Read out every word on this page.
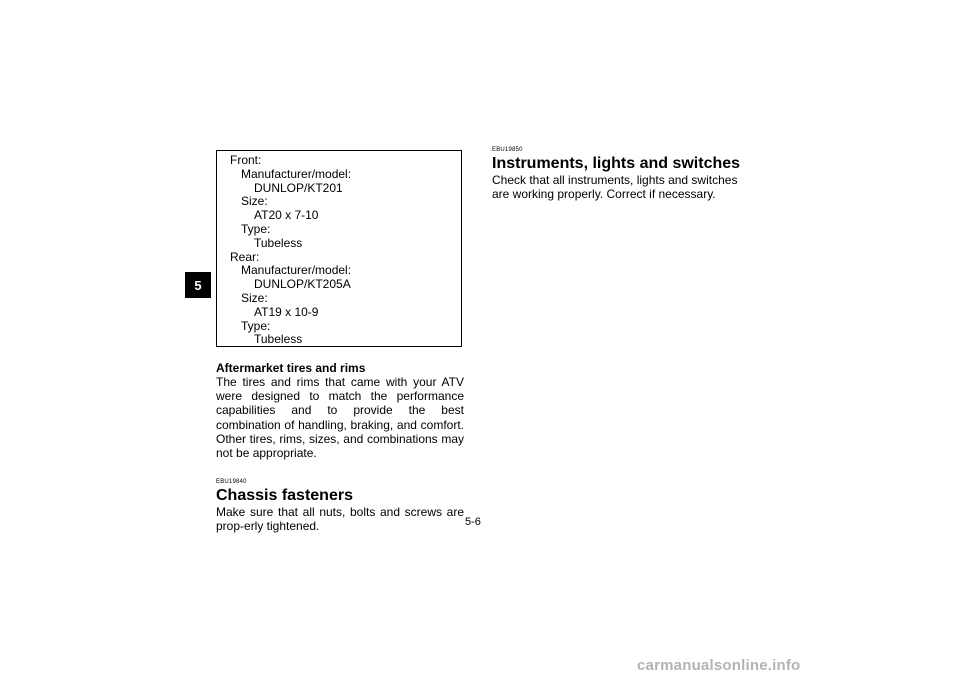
5
Front:
Manufacturer/model:
DUNLOP/KT201
Size:
AT20 x 7-10
Type:
Tubeless
Rear:
Manufacturer/model:
DUNLOP/KT205A
Size:
AT19 x 10-9
Type:
Tubeless
Aftermarket tires and rims

The tires and rims that came with your ATV were designed to match the performance capabilities and to provide the best combination of handling, braking, and comfort. Other tires, rims, sizes, and combinations may not be appropriate.

EBU19840
Chassis fasteners

Make sure that all nuts, bolts and screws are prop-erly tightened.

EBU19850
Instruments, lights and switches

Check that all instruments, lights and switches are working properly. Correct if necessary.

5-6
carmanualsonline.info
